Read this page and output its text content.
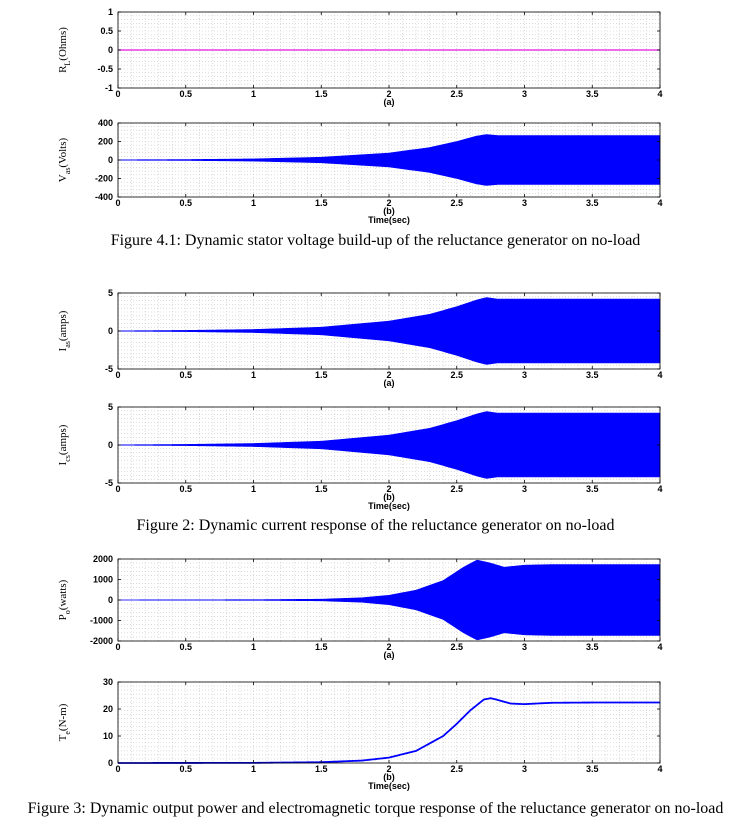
0	0.5	1	1.5	2	2.5	3	3.5	4
1
0.5
0
-0.5
-1
(a)
$R_L(Ohms)$
0	0.5	1	1.5	2	2.5	3	3.5	4
400
200
0
-200
-400
(b)
Time(sec)
$V_{as}(Volts)$
Figure 4.1: Dynamic stator voltage build-up of the reluctance generator on no-load
0	0.5	1	1.5	2	2.5	3	3.5	4
5
0
-5
(a)
$I_{as}(amps)$
0	0.5	1	1.5	2	2.5	3	3.5	4
5
0
-5
(b)
Time(sec)
$I_{cs}(amps)$
Figure 2: Dynamic current response of the reluctance generator on no-load
0	0.5	1	1.5	2	2.5	3	3.5	4
2000
1000
0
-1000
-2000
(a)
$P_o(watts)$
0	0.5	1	1.5	2	2.5	3	3.5	4
30
20
10
0
(b)
Time(sec)
$T_e(N-m)$
Figure 3: Dynamic output power and electromagnetic torque response of the reluctance generator on no-load
